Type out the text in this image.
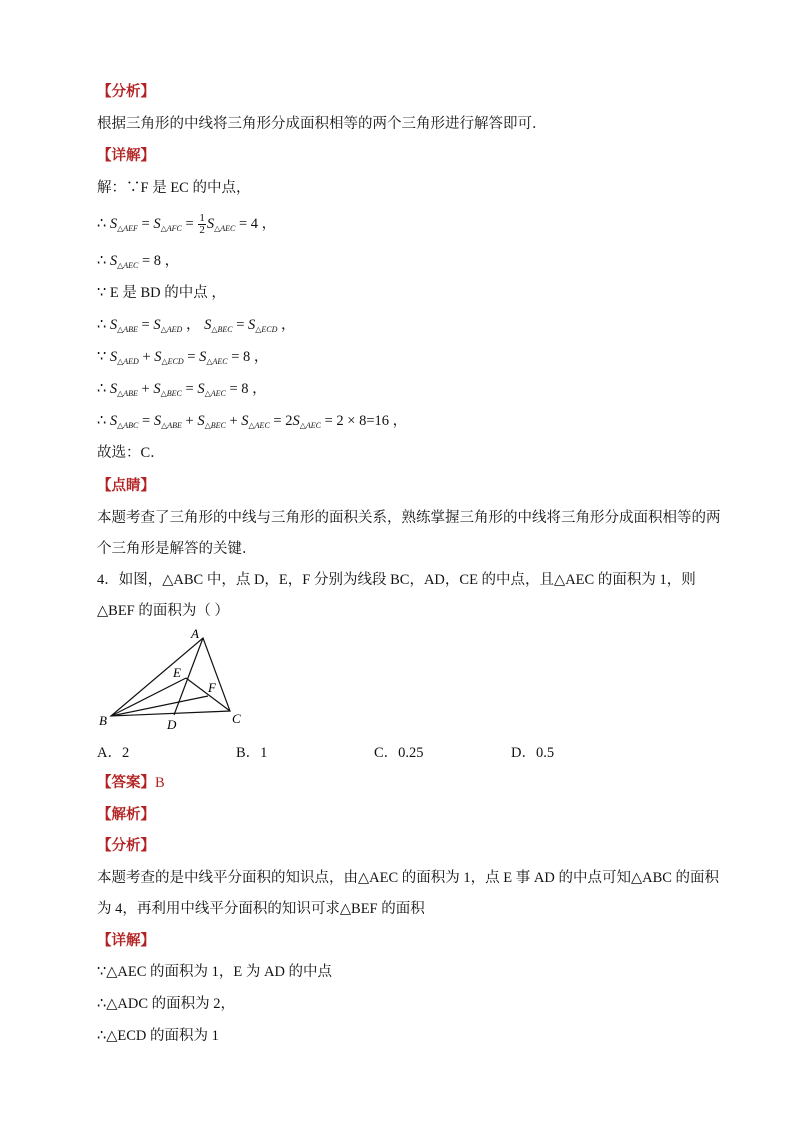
【分析】
根据三角形的中线将三角形分成面积相等的两个三角形进行解答即可．
【详解】
解：∵F 是 EC 的中点，
∴ $S_{\triangle AEF} = S_{\triangle AFC} = \frac{1}{2} S_{\triangle AEC} = 4$ ，
∴ $S_{\triangle AEC} = 8$ ，
∵ E 是 BD 的中点 ，
∴ $S_{\triangle ABE} = S_{\triangle AED}$ ， $S_{\triangle BEC} = S_{\triangle ECD}$ ，
∵ $S_{\triangle AED} + S_{\triangle ECD} = S_{\triangle AEC} = 8$ ，
∴ $S_{\triangle ABE} + S_{\triangle BEC} = S_{\triangle AEC} = 8$ ，
∴ $S_{\triangle ABC} = S_{\triangle ABE} + S_{\triangle BEC} + S_{\triangle AEC} = 2S_{\triangle AEC} = 2 \times 8=16$ ，
故选：C．
【点睛】
本题考查了三角形的中线与三角形的面积关系，熟练掌握三角形的中线将三角形分成面积相等的两
个三角形是解答的关键．
4．如图，△ABC 中，点 D，E，F 分别为线段 BC，AD，CE 的中点，且△AEC 的面积为 1，则
△BEF 的面积为（ ）
A
E
F
B	D	C
A．2	B．1	C．0.25	D．0.5
【答案】B
【解析】
【分析】
本题考查的是中线平分面积的知识点，由△AEC 的面积为 1，点 E 事 AD 的中点可知△ABC 的面积
为 4，再利用中线平分面积的知识可求△BEF 的面积
【详解】
∵△AEC 的面积为 1，E 为 AD 的中点
∴△ADC 的面积为 2，
∴△ECD 的面积为 1
